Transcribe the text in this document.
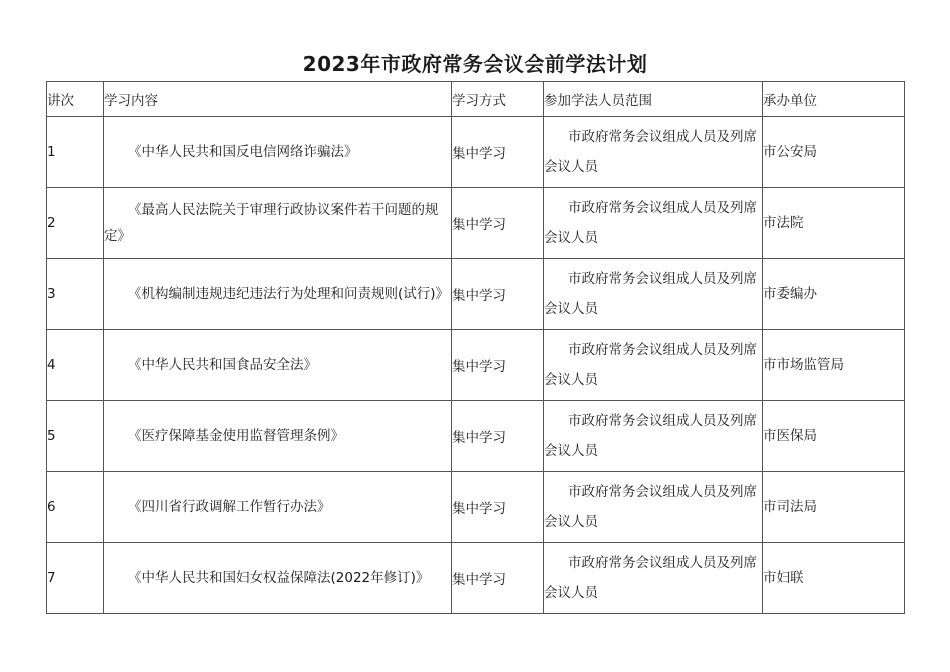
2023年市政府常务会议会前学法计划
讲次	学习内容	学习方式	参加学法人员范围	承办单位
1	《中华人民共和国反电信网络诈骗法》	集中学习	市政府常务会议组成人员及列席会议人员	市公安局
2	《最高人民法院关于审理行政协议案件若干问题的规定》	集中学习	市政府常务会议组成人员及列席会议人员	市法院
3	《机构编制违规违纪违法行为处理和问责规则(试行)》	集中学习	市政府常务会议组成人员及列席会议人员	市委编办
4	《中华人民共和国食品安全法》	集中学习	市政府常务会议组成人员及列席会议人员	市市场监管局
5	《医疗保障基金使用监督管理条例》	集中学习	市政府常务会议组成人员及列席会议人员	市医保局
6	《四川省行政调解工作暂行办法》	集中学习	市政府常务会议组成人员及列席会议人员	市司法局
7	《中华人民共和国妇女权益保障法(2022年修订)》	集中学习	市政府常务会议组成人员及列席会议人员	市妇联
